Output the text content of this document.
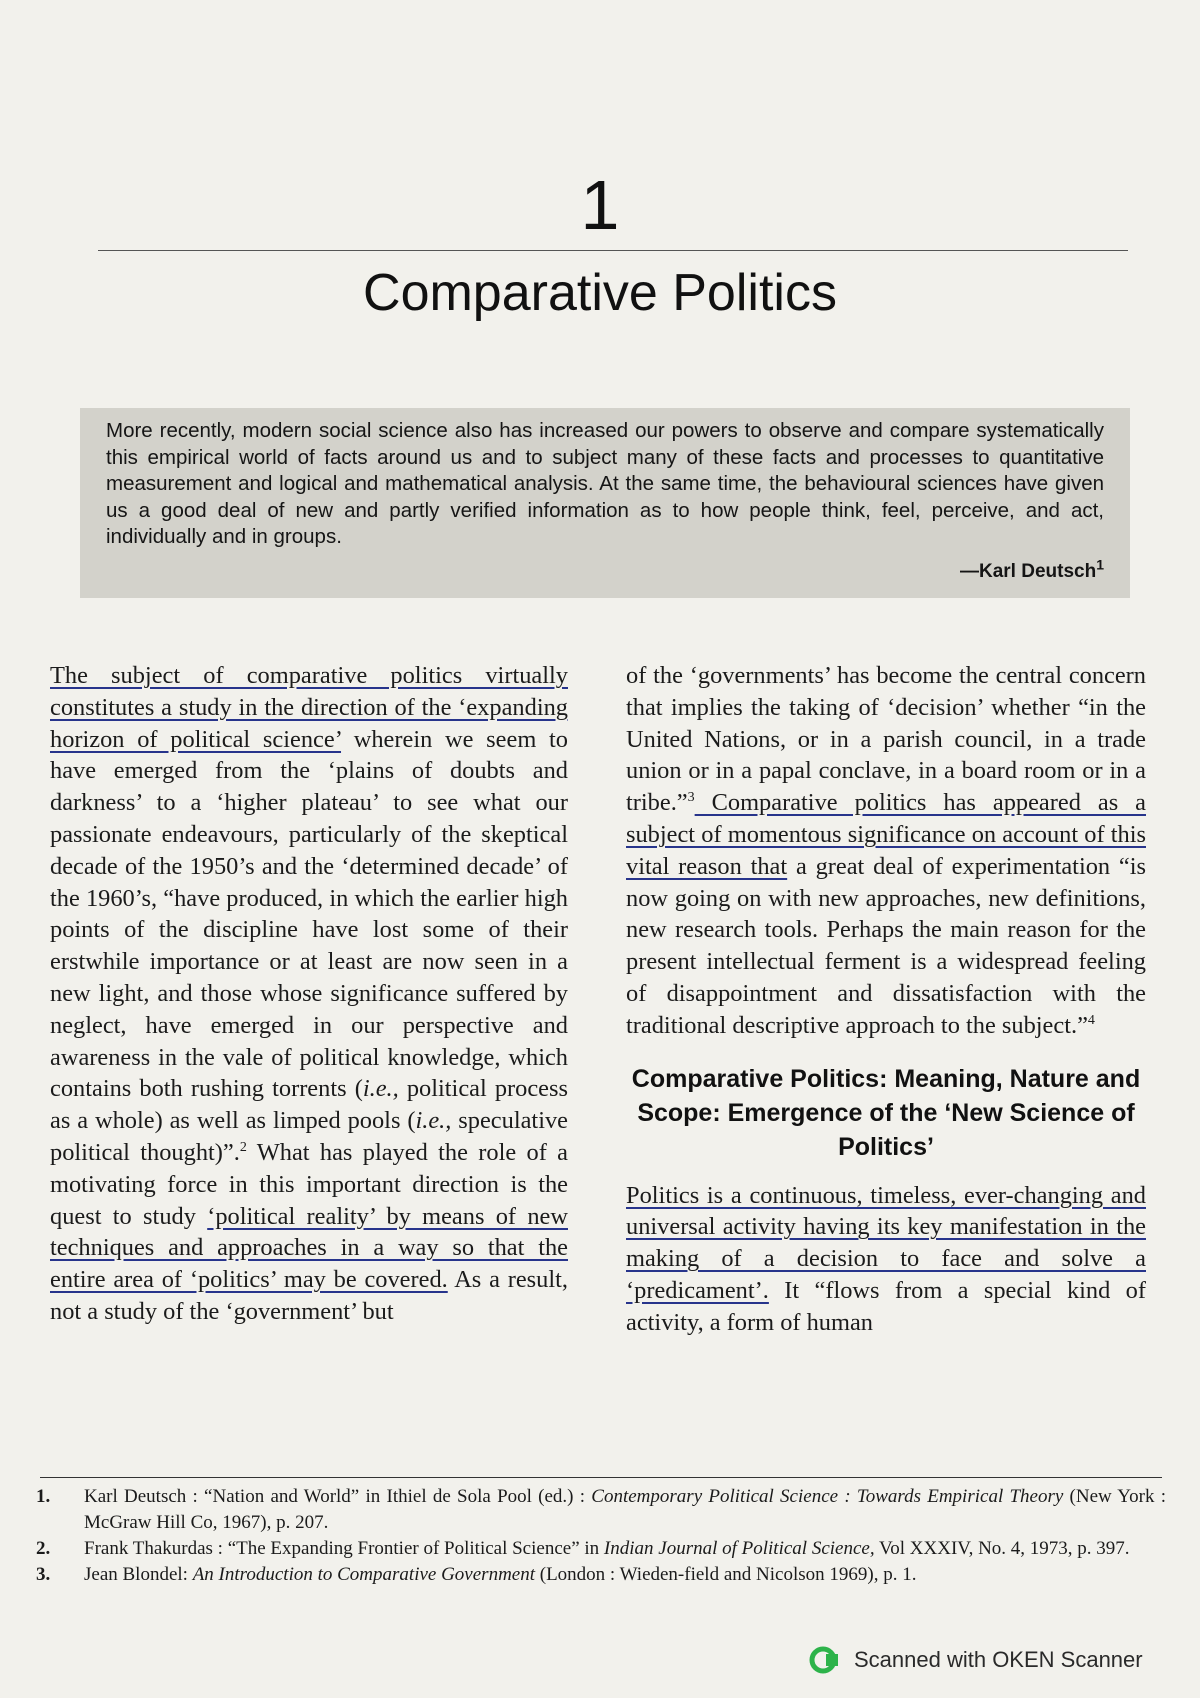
1
Comparative Politics

More recently, modern social science also has increased our powers to observe and compare systematically this empirical world of facts around us and to subject many of these facts and processes to quantitative measurement and logical and mathematical analysis. At the same time, the behavioural sciences have given us a good deal of new and partly verified information as to how people think, feel, perceive, and act, individually and in groups.

—Karl Deutsch$^1$

The subject of comparative politics virtually constitutes a study in the direction of the ‘expanding horizon of political science’ wherein we seem to have emerged from the ‘plains of doubts and darkness’ to a ‘higher plateau’ to see what our passionate endeavours, particularly of the skeptical decade of the 1950’s and the ‘determined decade’ of the 1960’s, “have produced, in which the earlier high points of the discipline have lost some of their erstwhile importance or at least are now seen in a new light, and those whose significance suffered by neglect, have emerged in our perspective and awareness in the vale of political knowledge, which contains both rushing torrents (i.e., political process as a whole) as well as limped pools (i.e., speculative political thought)”.$^2$ What has played the role of a motivating force in this important direction is the quest to study ‘political reality’ by means of new techniques and approaches in a way so that the entire area of ‘politics’ may be covered. As a result, not a study of the ‘government’ but

of the ‘governments’ has become the central concern that implies the taking of ‘decision’ whether “in the United Nations, or in a parish council, in a trade union or in a papal conclave, in a board room or in a tribe.”$^3$ Comparative politics has appeared as a subject of momentous significance on account of this vital reason that a great deal of experimentation “is now going on with new approaches, new definitions, new research tools. Perhaps the main reason for the present intellectual ferment is a widespread feeling of disappointment and dissatisfaction with the traditional descriptive approach to the subject.”$^4$

Comparative Politics: Meaning, Nature and Scope: Emergence of the ‘New Science of Politics’

Politics is a continuous, timeless, ever-changing and universal activity having its key manifestation in the making of a decision to face and solve a ‘predicament’. It “flows from a special kind of activity, a form of human

1. Karl Deutsch : “Nation and World” in Ithiel de Sola Pool (ed.) : Contemporary Political Science : Towards Empirical Theory (New York : McGraw Hill Co, 1967), p. 207.
2. Frank Thakurdas : “The Expanding Frontier of Political Science” in Indian Journal of Political Science, Vol XXXIV, No. 4, 1973, p. 397.
3. Jean Blondel: An Introduction to Comparative Government (London : Wieden-field and Nicolson 1969), p. 1.
Scanned with OKEN Scanner
